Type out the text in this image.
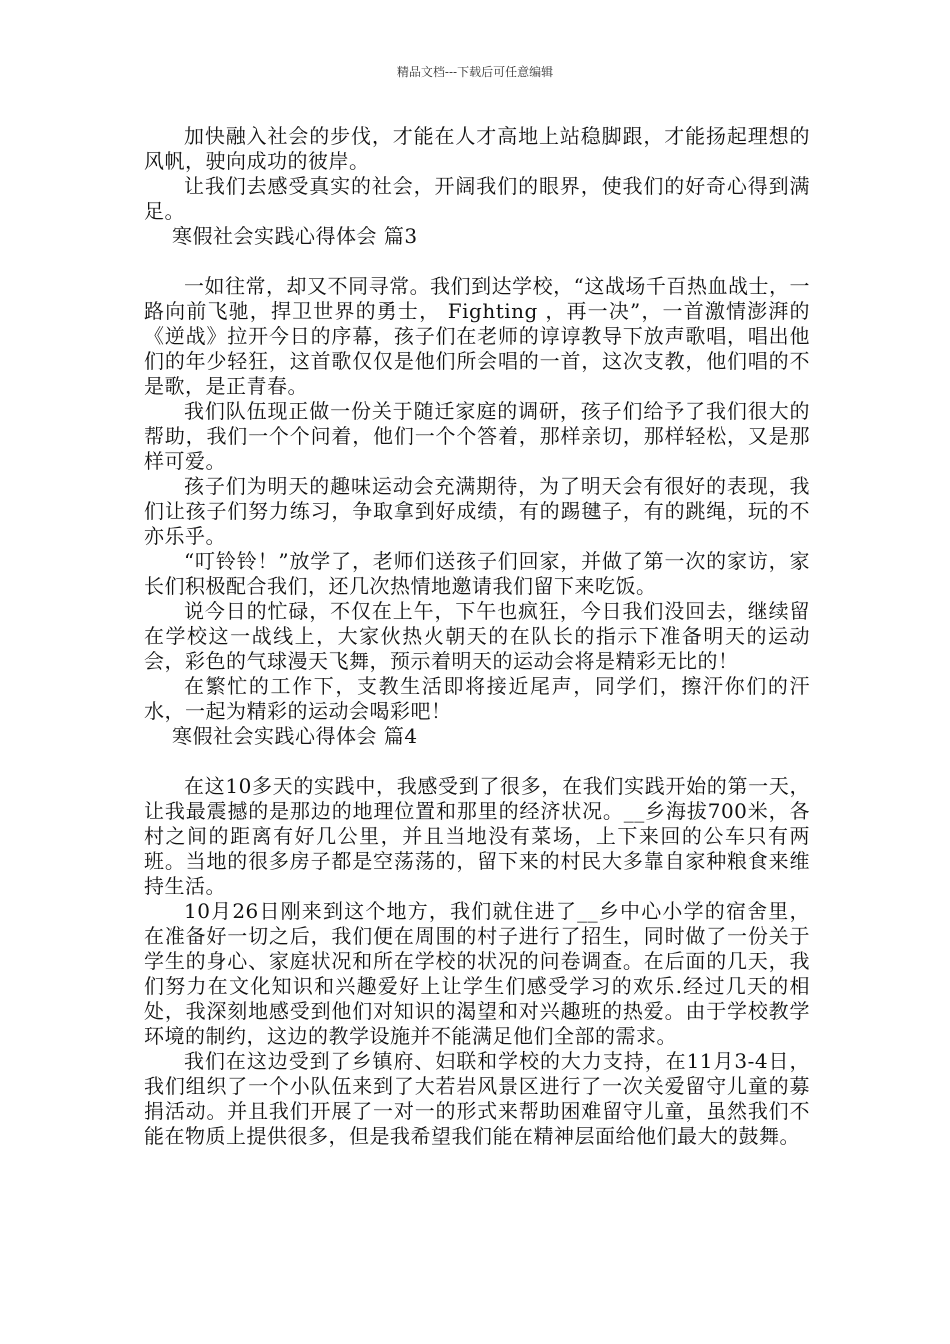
精品文档---下载后可任意编辑

加快融入社会的步伐，才能在人才高地上站稳脚跟，才能扬起理想的风帆，驶向成功的彼岸。

让我们去感受真实的社会，开阔我们的眼界，使我们的好奇心得到满足。

寒假社会实践心得体会 篇3

一如往常，却又不同寻常。我们到达学校，“这战场千百热血战士，一路向前飞驰，捍卫世界的勇士， Fighting ，再一决”，一首激情澎湃的《逆战》拉开今日的序幕，孩子们在老师的谆谆教导下放声歌唱，唱出他们的年少轻狂，这首歌仅仅是他们所会唱的一首，这次支教，他们唱的不是歌，是正青春。

我们队伍现正做一份关于随迁家庭的调研，孩子们给予了我们很大的帮助，我们一个个问着，他们一个个答着，那样亲切，那样轻松，又是那样可爱。

孩子们为明天的趣味运动会充满期待，为了明天会有很好的表现，我们让孩子们努力练习，争取拿到好成绩，有的踢毽子，有的跳绳，玩的不亦乐乎。

“叮铃铃！”放学了，老师们送孩子们回家，并做了第一次的家访，家长们积极配合我们，还几次热情地邀请我们留下来吃饭。

说今日的忙碌，不仅在上午，下午也疯狂，今日我们没回去，继续留在学校这一战线上，大家伙热火朝天的在队长的指示下准备明天的运动会，彩色的气球漫天飞舞，预示着明天的运动会将是精彩无比的！

在繁忙的工作下，支教生活即将接近尾声，同学们，擦汗你们的汗水，一起为精彩的运动会喝彩吧！

寒假社会实践心得体会 篇4

在这10多天的实践中，我感受到了很多，在我们实践开始的第一天，让我最震撼的是那边的地理位置和那里的经济状况。__乡海拔700米，各村之间的距离有好几公里，并且当地没有菜场，上下来回的公车只有两班。当地的很多房子都是空荡荡的，留下来的村民大多靠自家种粮食来维持生活。

10月26日刚来到这个地方，我们就住进了__乡中心小学的宿舍里，在准备好一切之后，我们便在周围的村子进行了招生，同时做了一份关于学生的身心、家庭状况和所在学校的状况的问卷调查。在后面的几天，我们努力在文化知识和兴趣爱好上让学生们感受学习的欢乐.经过几天的相处，我深刻地感受到他们对知识的渴望和对兴趣班的热爱。由于学校教学环境的制约，这边的教学设施并不能满足他们全部的需求。

我们在这边受到了乡镇府、妇联和学校的大力支持，在11月3-4日，我们组织了一个小队伍来到了大若岩风景区进行了一次关爱留守儿童的募捐活动。并且我们开展了一对一的形式来帮助困难留守儿童，虽然我们不能在物质上提供很多，但是我希望我们能在精神层面给他们最大的鼓舞。
